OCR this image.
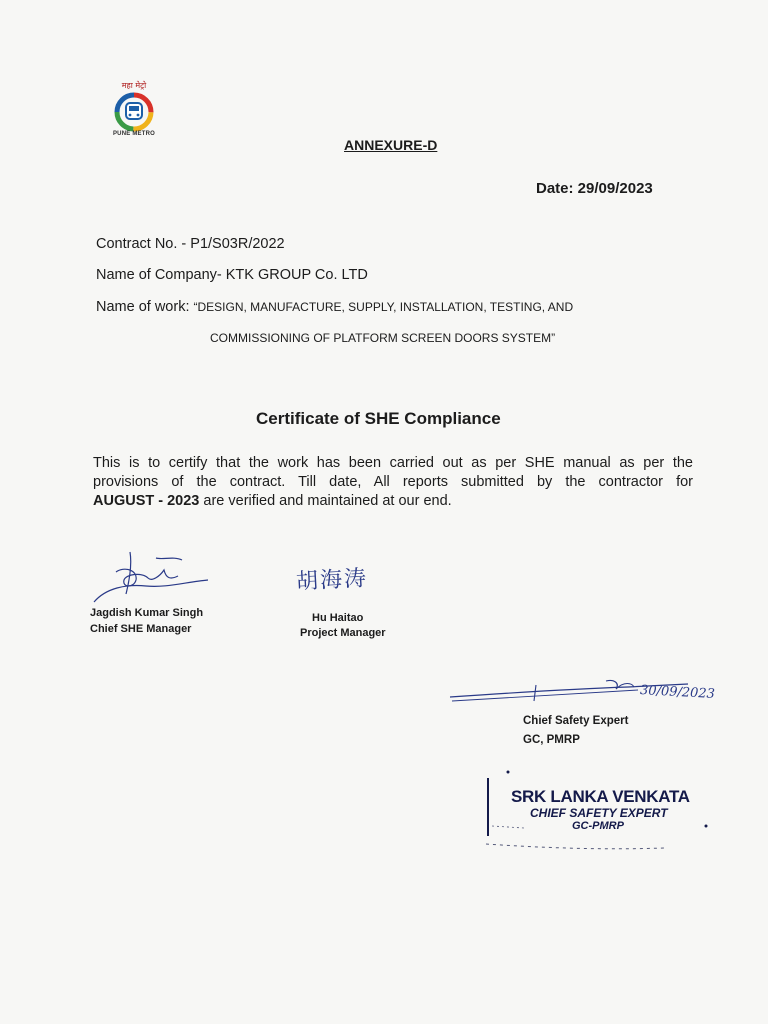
महा मेट्रो
PUNE METRO
ANNEXURE-D
Date: 29/09/2023
Contract No. - P1/S03R/2022
Name of Company- KTK GROUP Co. LTD
Name of work: “DESIGN, MANUFACTURE, SUPPLY, INSTALLATION, TESTING, AND
COMMISSIONING OF PLATFORM SCREEN DOORS SYSTEM”
Certificate of SHE Compliance
This is to certify that the work has been carried out as per SHE manual as per the
provisions of the contract. Till date, All reports submitted by the contractor for
AUGUST - 2023 are verified and maintained at our end.
Jagdish Kumar Singh
Chief SHE Manager
胡海涛
Hu Haitao
Project Manager
30/09/2023
Chief Safety Expert
GC, PMRP
SRK LANKA VENKATA
CHIEF SAFETY EXPERT
GC-PMRP
